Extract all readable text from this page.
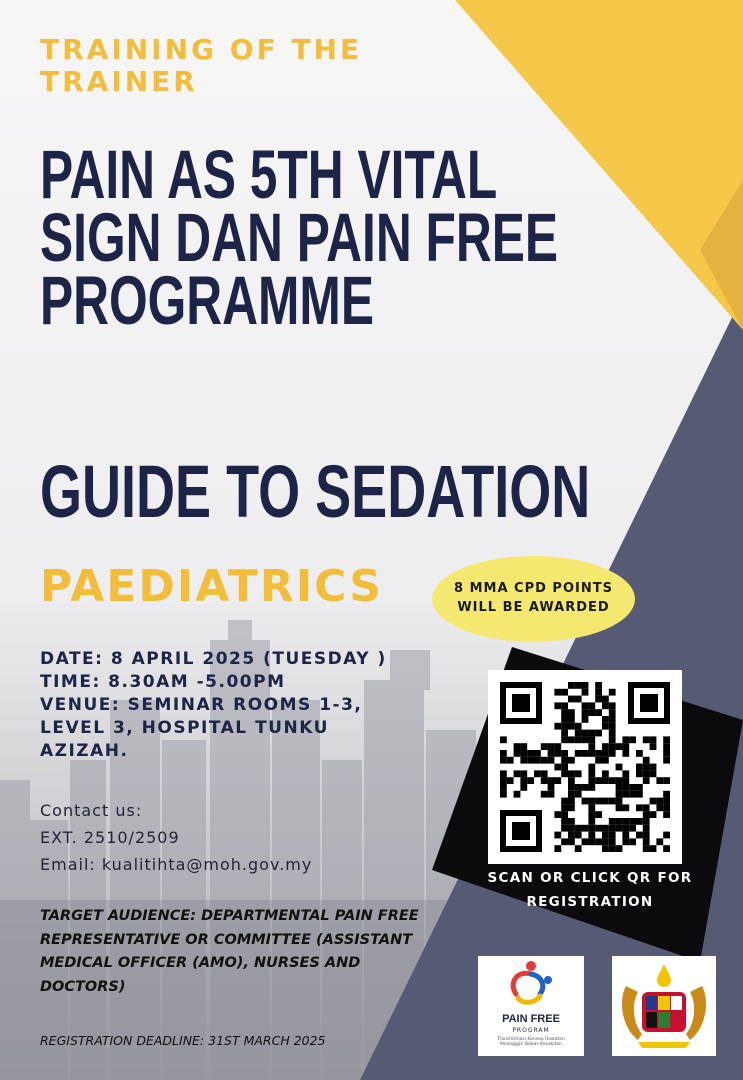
TRAINING OF THE
TRAINER
PAIN AS 5TH VITAL
SIGN DAN PAIN FREE
PROGRAMME
GUIDE TO SEDATION
PAEDIATRICS	8 MMA CPD POINTS
WILL BE AWARDED
DATE: 8 APRIL 2025 (TUESDAY )
TIME: 8.30AM -5.00PM
VENUE: SEMINAR ROOMS 1-3,
LEVEL 3, HOSPITAL TUNKU
AZIZAH.
Contact us:
EXT. 2510/2509
Email: kualitihta@moh.gov.my
TARGET AUDIENCE: DEPARTMENTAL PAIN FREE
REPRESENTATIVE OR COMMITTEE (ASSISTANT
MEDICAL OFFICER (AMO), NURSES AND
DOCTORS)
REGISTRATION DEADLINE: 31ST MARCH 2025
SCAN OR CLICK QR FOR
REGISTRATION
PAIN FREE
PROGRAM
Transformasi Konsep Rawatan Pelanggan Bebas Kesakitan
